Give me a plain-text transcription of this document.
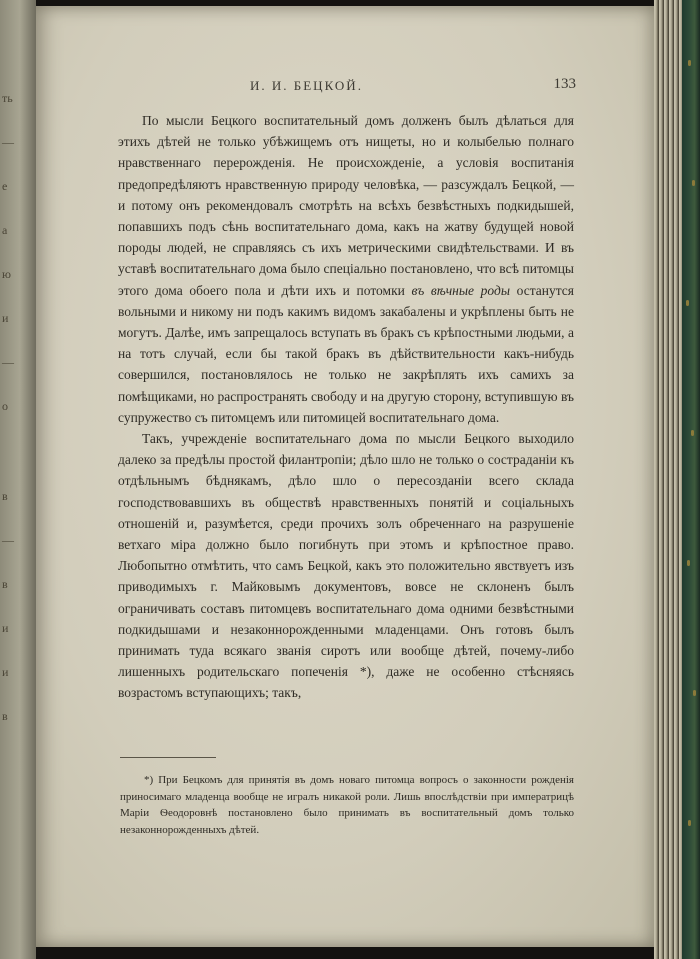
ть
—
е
а
ю
и
—
о
в
—
в
и
и
в
И. И. БЕЦКОЙ.	133

По мысли Бецкого воспитательный домъ долженъ былъ дѣлаться для этихъ дѣтей не только убѣжищемъ отъ нищеты, но и колыбелью полнаго нравственнаго перерожденія. Не происхожденіе, а условія воспитанія предопредѣляютъ нравственную природу человѣка, — разсуждалъ Бецкой, — и потому онъ рекомендовалъ смотрѣть на всѣхъ безвѣстныхъ подкидышей, попавшихъ подъ сѣнь воспитательнаго дома, какъ на жатву будущей новой породы людей, не справляясь съ ихъ метрическими свидѣтельствами. И въ уставѣ воспитательнаго дома было спеціально постановлено, что всѣ питомцы этого дома обоего пола и дѣти ихъ и потомки въ вѣчные роды останутся вольными и никому ни подъ какимъ видомъ закабалены и укрѣплены быть не могутъ. Далѣе, имъ запрещалось вступать въ бракъ съ крѣпостными людьми, а на тотъ случай, если бы такой бракъ въ дѣйствительности какъ-нибудь совершился, постановлялось не только не закрѣплять ихъ самихъ за помѣщиками, но распространять свободу и на другую сторону, вступившую въ супружество съ питомцемъ или питомицей воспитательнаго дома.

Такъ, учрежденіе воспитательнаго дома по мысли Бецкого выходило далеко за предѣлы простой филантропіи; дѣло шло не только о состраданіи къ отдѣльнымъ бѣднякамъ, дѣло шло о пересозданіи всего склада господствовавшихъ въ обществѣ нравственныхъ понятій и соціальныхъ отношеній и, разумѣется, среди прочихъ золъ обреченнаго на разрушеніе ветхаго міра должно было погибнуть при этомъ и крѣпостное право. Любопытно отмѣтить, что самъ Бецкой, какъ это положительно явствуетъ изъ приводимыхъ г. Майковымъ документовъ, вовсе не склоненъ былъ ограничивать составъ питомцевъ воспитательнаго дома одними безвѣстными подкидышами и незаконнорожденными младенцами. Онъ готовъ былъ принимать туда всякаго званія сиротъ или вообще дѣтей, почему-либо лишенныхъ родительскаго попеченія *), даже не особенно стѣсняясь возрастомъ вступающихъ; такъ,

*) При Бецкомъ для принятія въ домъ новаго питомца вопросъ о законности рожденія приносимаго младенца вообще не игралъ никакой роли. Лишь впослѣдствіи при императрицѣ Маріи Ѳеодоровнѣ постановлено было принимать въ воспитательный домъ только незаконнорожденныхъ дѣтей.
